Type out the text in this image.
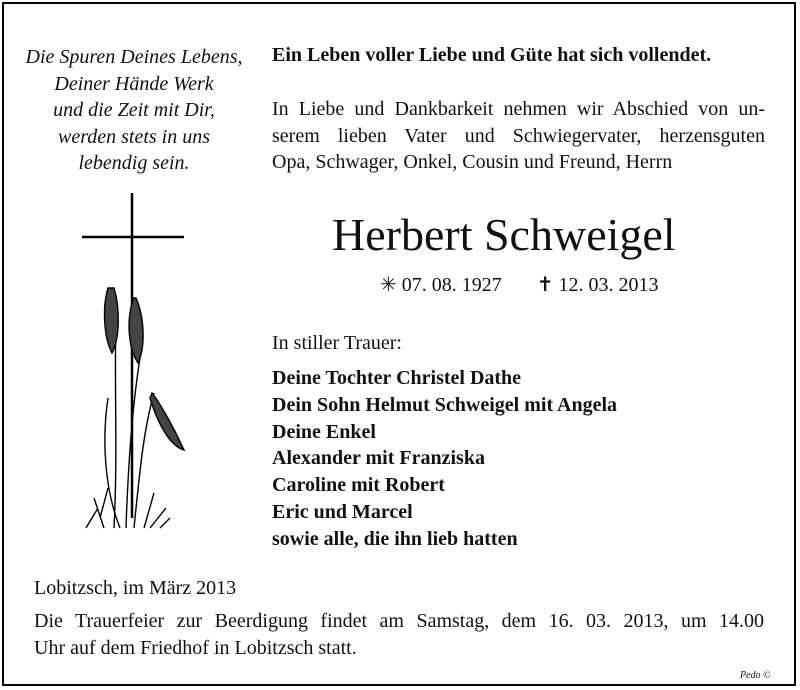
Die Spuren Deines Lebens,
Deiner Hände Werk
und die Zeit mit Dir,
werden stets in uns
lebendig sein.
Ein Leben voller Liebe und Güte hat sich vollendet.
In Liebe und Dankbarkeit nehmen wir Abschied von un-
serem lieben Vater und Schwiegervater, herzensguten
Opa, Schwager, Onkel, Cousin und Freund, Herrn
Herbert Schweigel
✳ 07. 08. 1927 ✝ 12. 03. 2013
In stiller Trauer:
Deine Tochter Christel Dathe
Dein Sohn Helmut Schweigel mit Angela
Deine Enkel
Alexander mit Franziska
Caroline mit Robert
Eric und Marcel
sowie alle, die ihn lieb hatten
Lobitzsch, im März 2013
Die Trauerfeier zur Beerdigung findet am Samstag, dem 16. 03. 2013, um 14.00
Uhr auf dem Friedhof in Lobitzsch statt.
Pedo ©
